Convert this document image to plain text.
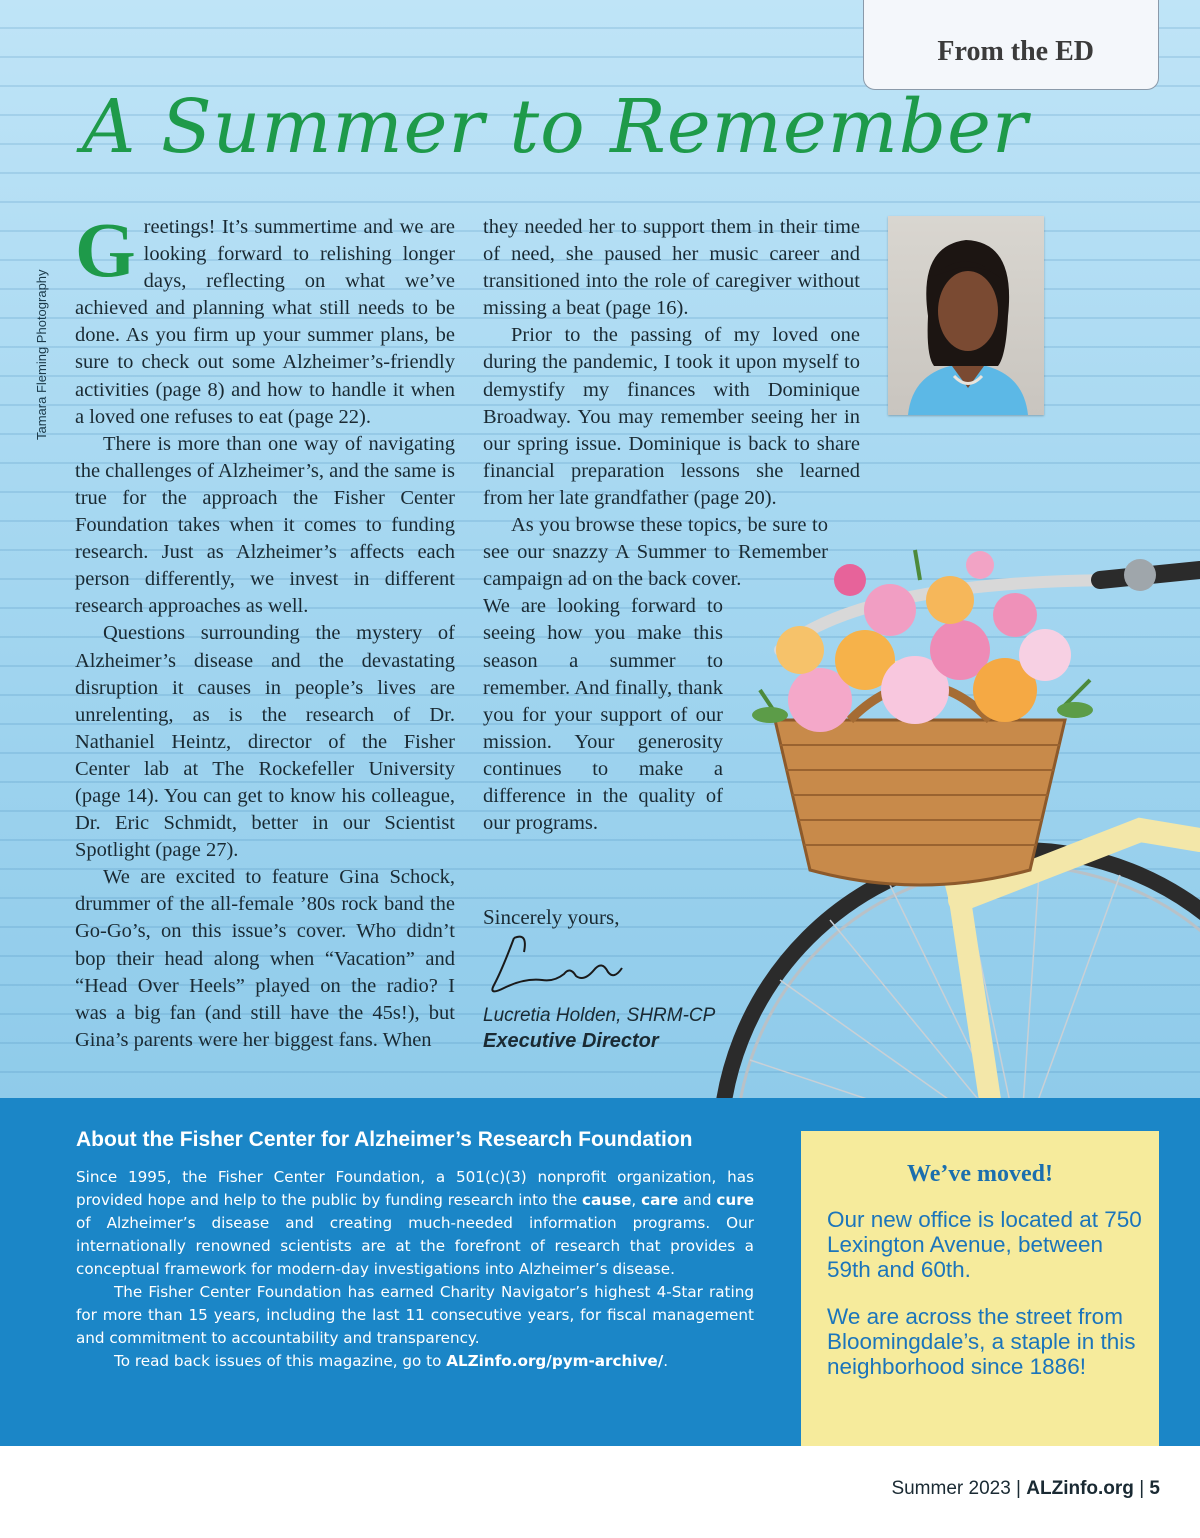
From the ED
A Summer to Remember
Tamara Fleming Photography

Greetings! It’s summertime and we are looking forward to relishing longer days, reflecting on what we’ve achieved and planning what still needs to be done. As you firm up your summer plans, be sure to check out some Alzheimer’s-friendly activities (page 8) and how to handle it when a loved one refuses to eat (page 22).

There is more than one way of navigating the challenges of Alzheimer’s, and the same is true for the approach the Fisher Center Foundation takes when it comes to funding research. Just as Alzheimer’s affects each person differently, we invest in different research approaches as well.

Questions surrounding the mystery of Alzheimer’s disease and the devastating disruption it causes in people’s lives are unrelenting, as is the research of Dr. Nathaniel Heintz, director of the Fisher Center lab at The Rockefeller University (page 14). You can get to know his colleague, Dr. Eric Schmidt, better in our Scientist Spotlight (page 27).

We are excited to feature Gina Schock, drummer of the all-female ’80s rock band the Go-Go’s, on this issue’s cover. Who didn’t bop their head along when “Vacation” and “Head Over Heels” played on the radio? I was a big fan (and still have the 45s!), but Gina’s parents were her biggest fans. When

they needed her to support them in their time of need, she paused her music career and transitioned into the role of caregiver without missing a beat (page 16).

Prior to the passing of my loved one during the pandemic, I took it upon myself to demystify my finances with Dominique Broadway. You may remember seeing her in our spring issue. Dominique is back to share financial preparation lessons she learned from her late grandfather (page 20).

As you browse these topics, be sure to see our snazzy A Summer to Remember campaign ad on the back cover.

We are looking forward to seeing how you make this season a summer to remember. And finally, thank you for your support of our mission. Your generosity continues to make a difference in the quality of our programs.

Sincerely yours,
Lucretia Holden, SHRM-CP
Executive Director
About the Fisher Center for Alzheimer’s Research Foundation

Since 1995, the Fisher Center Foundation, a 501(c)(3) nonprofit organization, has provided hope and help to the public by funding research into the cause, care and cure of Alzheimer’s disease and creating much-needed information programs. Our internationally renowned scientists are at the forefront of research that provides a conceptual framework for modern-day investigations into Alzheimer’s disease.

The Fisher Center Foundation has earned Charity Navigator’s highest 4-Star rating for more than 15 years, including the last 11 consecutive years, for fiscal management and commitment to accountability and transparency.

To read back issues of this magazine, go to ALZinfo.org/pym-archive/.

We’ve moved!

Our new office is located at 750 Lexington Avenue, between 59th and 60th.

We are across the street from Bloomingdale’s, a staple in this neighborhood since 1886!

Summer 2023 | ALZinfo.org | 5
